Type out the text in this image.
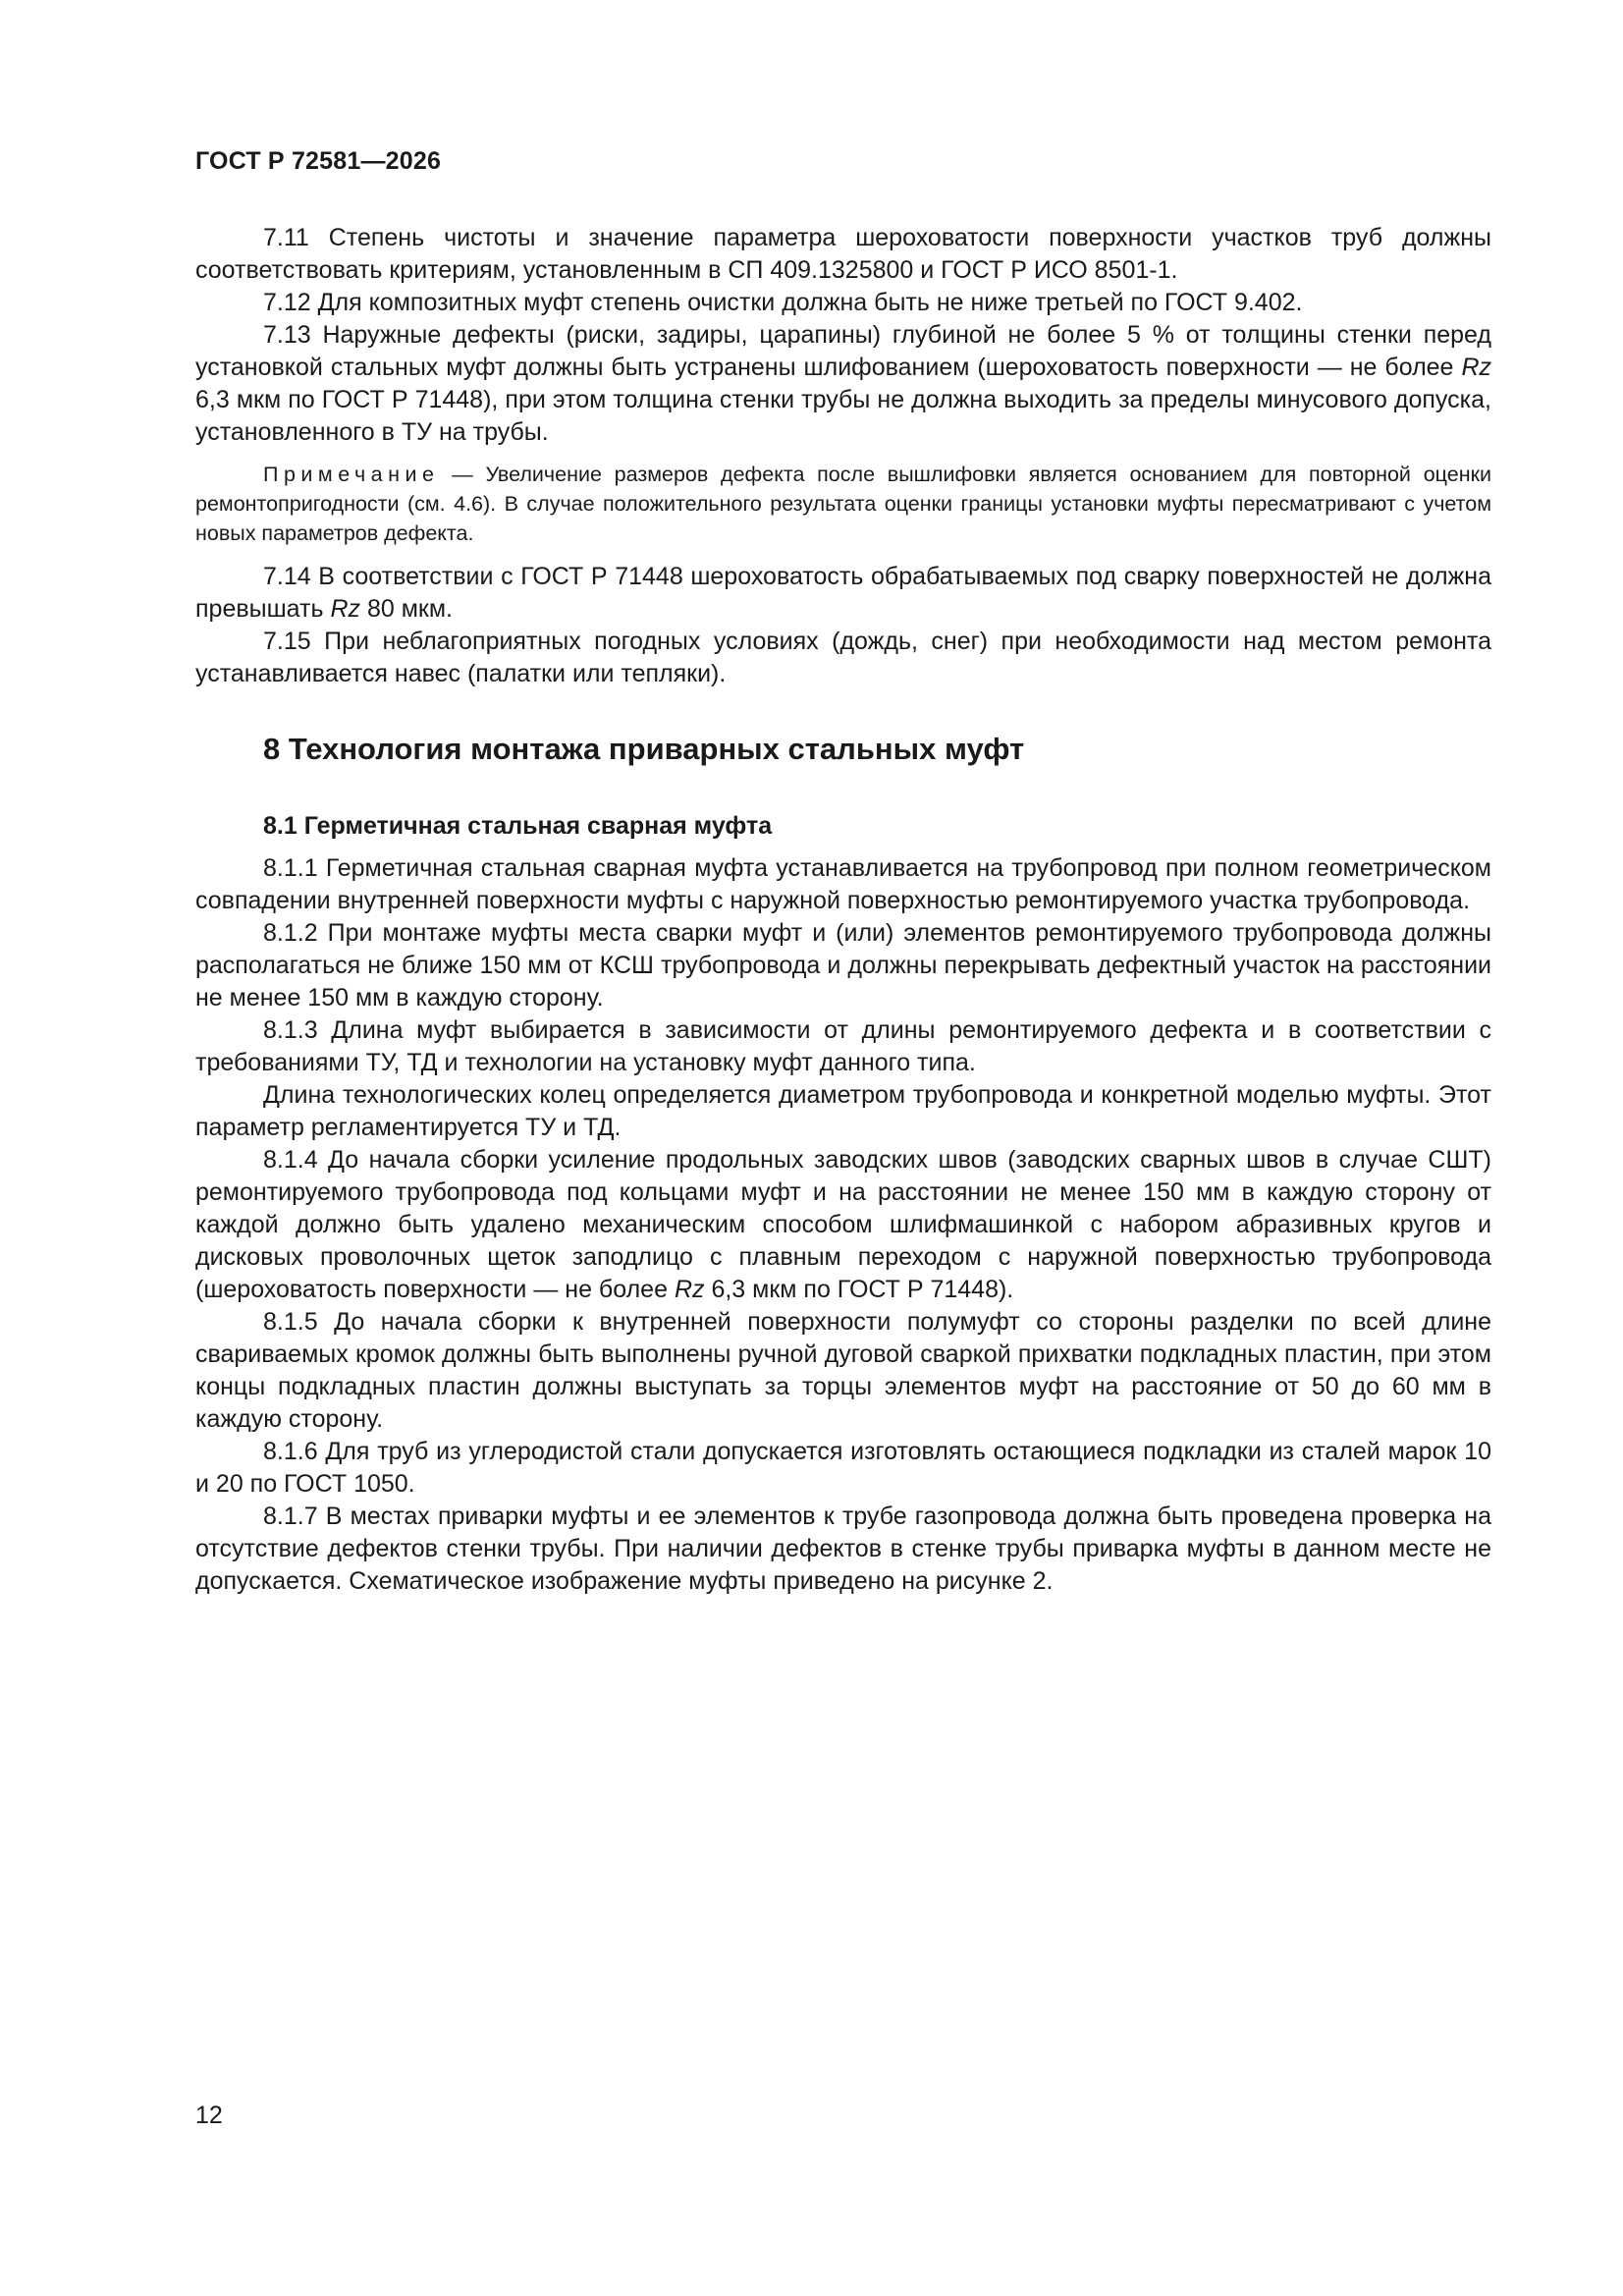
ГОСТ Р 72581—2026

7.11 Степень чистоты и значение параметра шероховатости поверхности участков труб должны соответствовать критериям, установленным в СП 409.1325800 и ГОСТ Р ИСО 8501-1.

7.12 Для композитных муфт степень очистки должна быть не ниже третьей по ГОСТ 9.402.

7.13 Наружные дефекты (риски, задиры, царапины) глубиной не более 5 % от толщины стенки перед установкой стальных муфт должны быть устранены шлифованием (шероховатость поверхности — не более Rz 6,3 мкм по ГОСТ Р 71448), при этом толщина стенки трубы не должна выходить за пределы минусового допуска, установленного в ТУ на трубы.

Примечание — Увеличение размеров дефекта после вышлифовки является основанием для повторной оценки ремонтопригодности (см. 4.6). В случае положительного результата оценки границы установки муфты пересматривают с учетом новых параметров дефекта.

7.14 В соответствии с ГОСТ Р 71448 шероховатость обрабатываемых под сварку поверхностей не должна превышать Rz 80 мкм.

7.15 При неблагоприятных погодных условиях (дождь, снег) при необходимости над местом ремонта устанавливается навес (палатки или тепляки).

8 Технология монтажа приварных стальных муфт
8.1 Герметичная стальная сварная муфта

8.1.1 Герметичная стальная сварная муфта устанавливается на трубопровод при полном геометрическом совпадении внутренней поверхности муфты с наружной поверхностью ремонтируемого участка трубопровода.

8.1.2 При монтаже муфты места сварки муфт и (или) элементов ремонтируемого трубопровода должны располагаться не ближе 150 мм от КСШ трубопровода и должны перекрывать дефектный участок на расстоянии не менее 150 мм в каждую сторону.

8.1.3 Длина муфт выбирается в зависимости от длины ремонтируемого дефекта и в соответствии с требованиями ТУ, ТД и технологии на установку муфт данного типа.

Длина технологических колец определяется диаметром трубопровода и конкретной моделью муфты. Этот параметр регламентируется ТУ и ТД.

8.1.4 До начала сборки усиление продольных заводских швов (заводских сварных швов в случае СШТ) ремонтируемого трубопровода под кольцами муфт и на расстоянии не менее 150 мм в каждую сторону от каждой должно быть удалено механическим способом шлифмашинкой с набором абразивных кругов и дисковых проволочных щеток заподлицо с плавным переходом с наружной поверхностью трубопровода (шероховатость поверхности — не более Rz 6,3 мкм по ГОСТ Р 71448).

8.1.5 До начала сборки к внутренней поверхности полумуфт со стороны разделки по всей длине свариваемых кромок должны быть выполнены ручной дуговой сваркой прихватки подкладных пластин, при этом концы подкладных пластин должны выступать за торцы элементов муфт на расстояние от 50 до 60 мм в каждую сторону.

8.1.6 Для труб из углеродистой стали допускается изготовлять остающиеся подкладки из сталей марок 10 и 20 по ГОСТ 1050.

8.1.7 В местах приварки муфты и ее элементов к трубе газопровода должна быть проведена проверка на отсутствие дефектов стенки трубы. При наличии дефектов в стенке трубы приварка муфты в данном месте не допускается. Схематическое изображение муфты приведено на рисунке 2.

12
